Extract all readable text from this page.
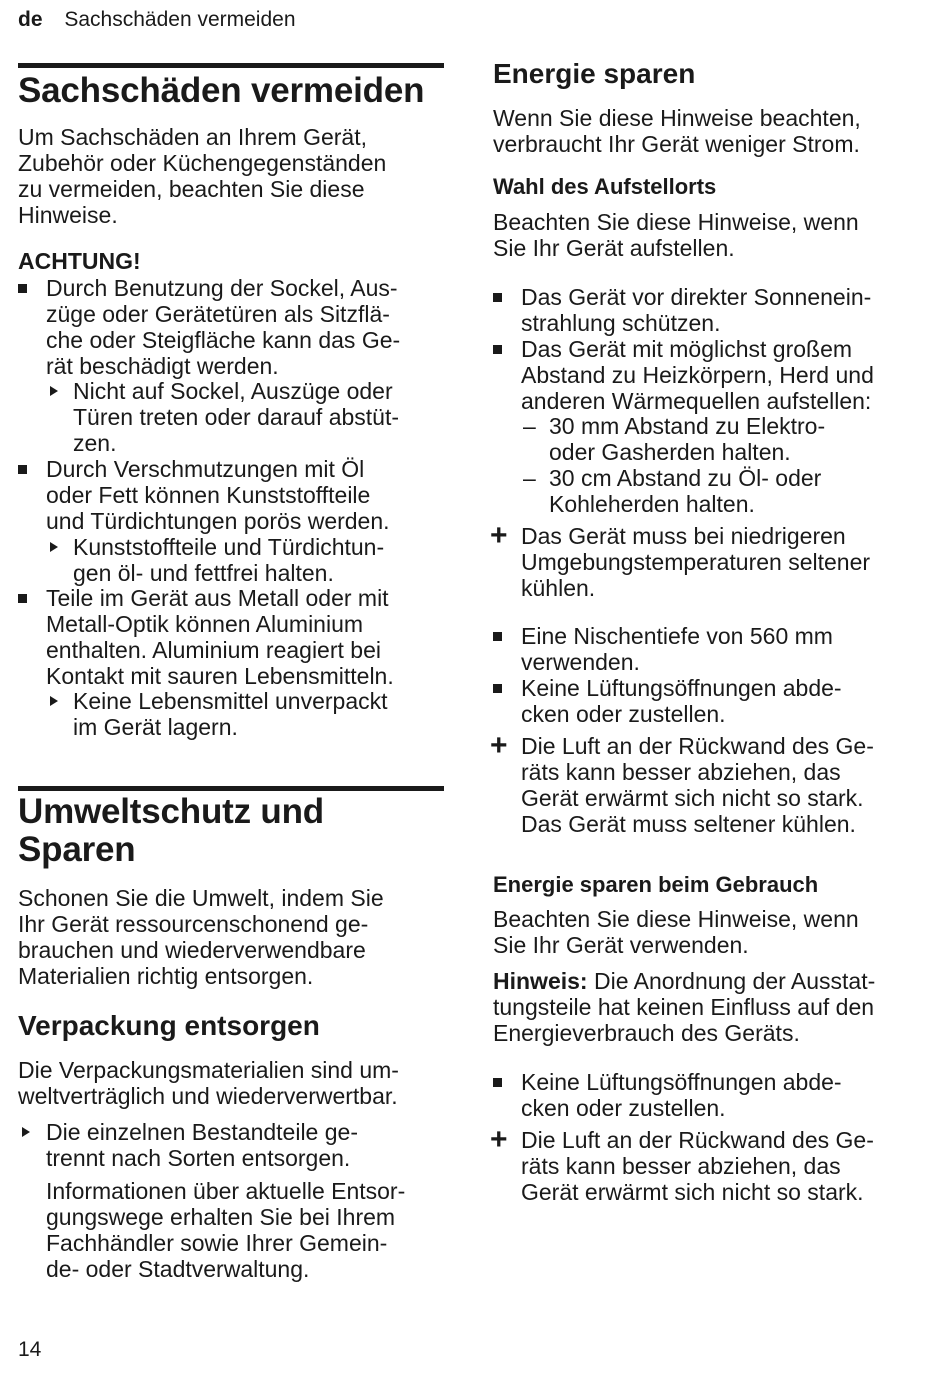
de Sachschäden vermeiden
Sachschäden vermeiden

Um Sachschäden an Ihrem Gerät,
Zubehör oder Küchengegenständen
zu vermeiden, beachten Sie diese
Hinweise.

ACHTUNG!
Durch Benutzung der Sockel, Aus-
züge oder Gerätetüren als Sitzflä-
che oder Steigfläche kann das Ge-
rät beschädigt werden.
Nicht auf Sockel, Auszüge oder
Türen treten oder darauf abstüt-
zen.
Durch Verschmutzungen mit Öl
oder Fett können Kunststoffteile
und Türdichtungen porös werden.
Kunststoffteile und Türdichtun-
gen öl- und fettfrei halten.
Teile im Gerät aus Metall oder mit
Metall-Optik können Aluminium
enthalten. Aluminium reagiert bei
Kontakt mit sauren Lebensmitteln.
Keine Lebensmittel unverpackt
im Gerät lagern.
Umweltschutz und
Sparen

Schonen Sie die Umwelt, indem Sie
Ihr Gerät ressourcenschonend ge-
brauchen und wiederverwendbare
Materialien richtig entsorgen.

Verpackung entsorgen

Die Verpackungsmaterialien sind um-
weltverträglich und wiederverwertbar.

Die einzelnen Bestandteile ge-
trennt nach Sorten entsorgen.
Informationen über aktuelle Entsor-
gungswege erhalten Sie bei Ihrem
Fachhändler sowie Ihrer Gemein-
de- oder Stadtverwaltung.
Energie sparen

Wenn Sie diese Hinweise beachten,
verbraucht Ihr Gerät weniger Strom.

Wahl des Aufstellorts

Beachten Sie diese Hinweise, wenn
Sie Ihr Gerät aufstellen.

Das Gerät vor direkter Sonnenein-
strahlung schützen.
Das Gerät mit möglichst großem
Abstand zu Heizkörpern, Herd und
anderen Wärmequellen aufstellen:
– 30 mm Abstand zu Elektro-
oder Gasherden halten.
– 30 cm Abstand zu Öl- oder
Kohleherden halten.
+ Das Gerät muss bei niedrigeren
Umgebungstemperaturen seltener
kühlen.
Eine Nischentiefe von 560 mm
verwenden.
Keine Lüftungsöffnungen abde-
cken oder zustellen.
+ Die Luft an der Rückwand des Ge-
räts kann besser abziehen, das
Gerät erwärmt sich nicht so stark.
Das Gerät muss seltener kühlen.
Energie sparen beim Gebrauch

Beachten Sie diese Hinweise, wenn
Sie Ihr Gerät verwenden.

Hinweis: Die Anordnung der Ausstat-
tungsteile hat keinen Einfluss auf den
Energieverbrauch des Geräts.

Keine Lüftungsöffnungen abde-
cken oder zustellen.
+ Die Luft an der Rückwand des Ge-
räts kann besser abziehen, das
Gerät erwärmt sich nicht so stark.
14
